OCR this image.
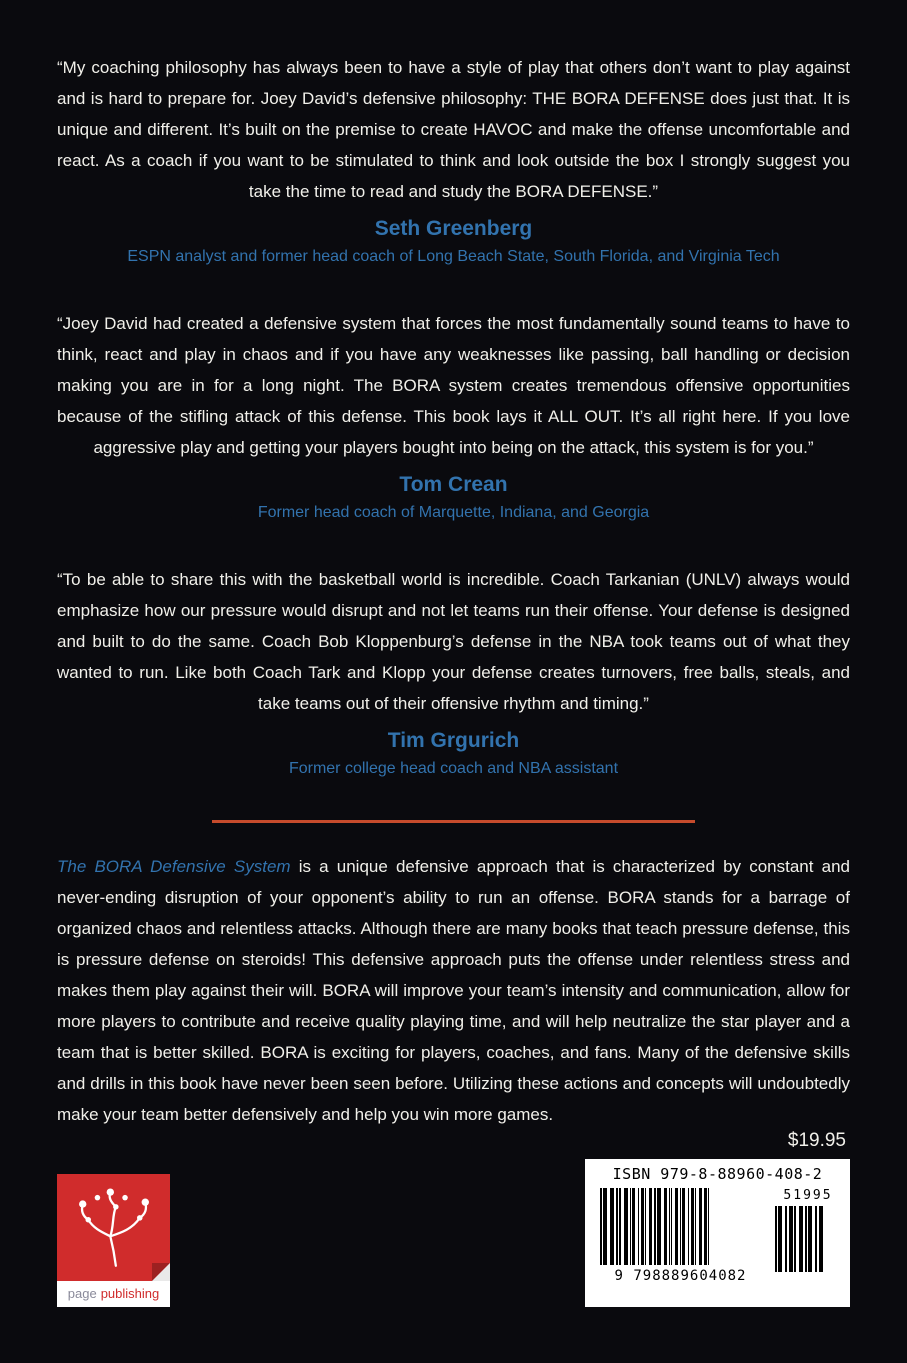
“My coaching philosophy has always been to have a style of play that others don’t want to play against and is hard to prepare for. Joey David’s defensive philosophy: THE BORA DEFENSE does just that. It is unique and different. It’s built on the premise to create HAVOC and make the offense uncomfortable and react. As a coach if you want to be stimulated to think and look outside the box I strongly suggest you take the time to read and study the BORA DEFENSE.”

Seth Greenberg

ESPN analyst and former head coach of Long Beach State, South Florida, and Virginia Tech

“Joey David had created a defensive system that forces the most fundamentally sound teams to have to think, react and play in chaos and if you have any weaknesses like passing, ball handling or decision making you are in for a long night. The BORA system creates tremendous offensive opportunities because of the stifling attack of this defense. This book lays it ALL OUT. It’s all right here. If you love aggressive play and getting your players bought into being on the attack, this system is for you.”

Tom Crean

Former head coach of Marquette, Indiana, and Georgia

“To be able to share this with the basketball world is incredible. Coach Tarkanian (UNLV) always would emphasize how our pressure would disrupt and not let teams run their offense. Your defense is designed and built to do the same. Coach Bob Kloppenburg’s defense in the NBA took teams out of what they wanted to run. Like both Coach Tark and Klopp your defense creates turnovers, free balls, steals, and take teams out of their offensive rhythm and timing.”

Tim Grgurich

Former college head coach and NBA assistant

The BORA Defensive System is a unique defensive approach that is characterized by constant and never-ending disruption of your opponent’s ability to run an offense. BORA stands for a barrage of organized chaos and relentless attacks. Although there are many books that teach pressure defense, this is pressure defense on steroids! This defensive approach puts the offense under relentless stress and makes them play against their will. BORA will improve your team’s intensity and communication, allow for more players to contribute and receive quality playing time, and will help neutralize the star player and a team that is better skilled. BORA is exciting for players, coaches, and fans. Many of the defensive skills and drills in this book have never been seen before. Utilizing these actions and concepts will undoubtedly make your team better defensively and help you win more games.

page publishing

$19.95

ISBN 979-8-88960-408-2
9 798889604082
51995
